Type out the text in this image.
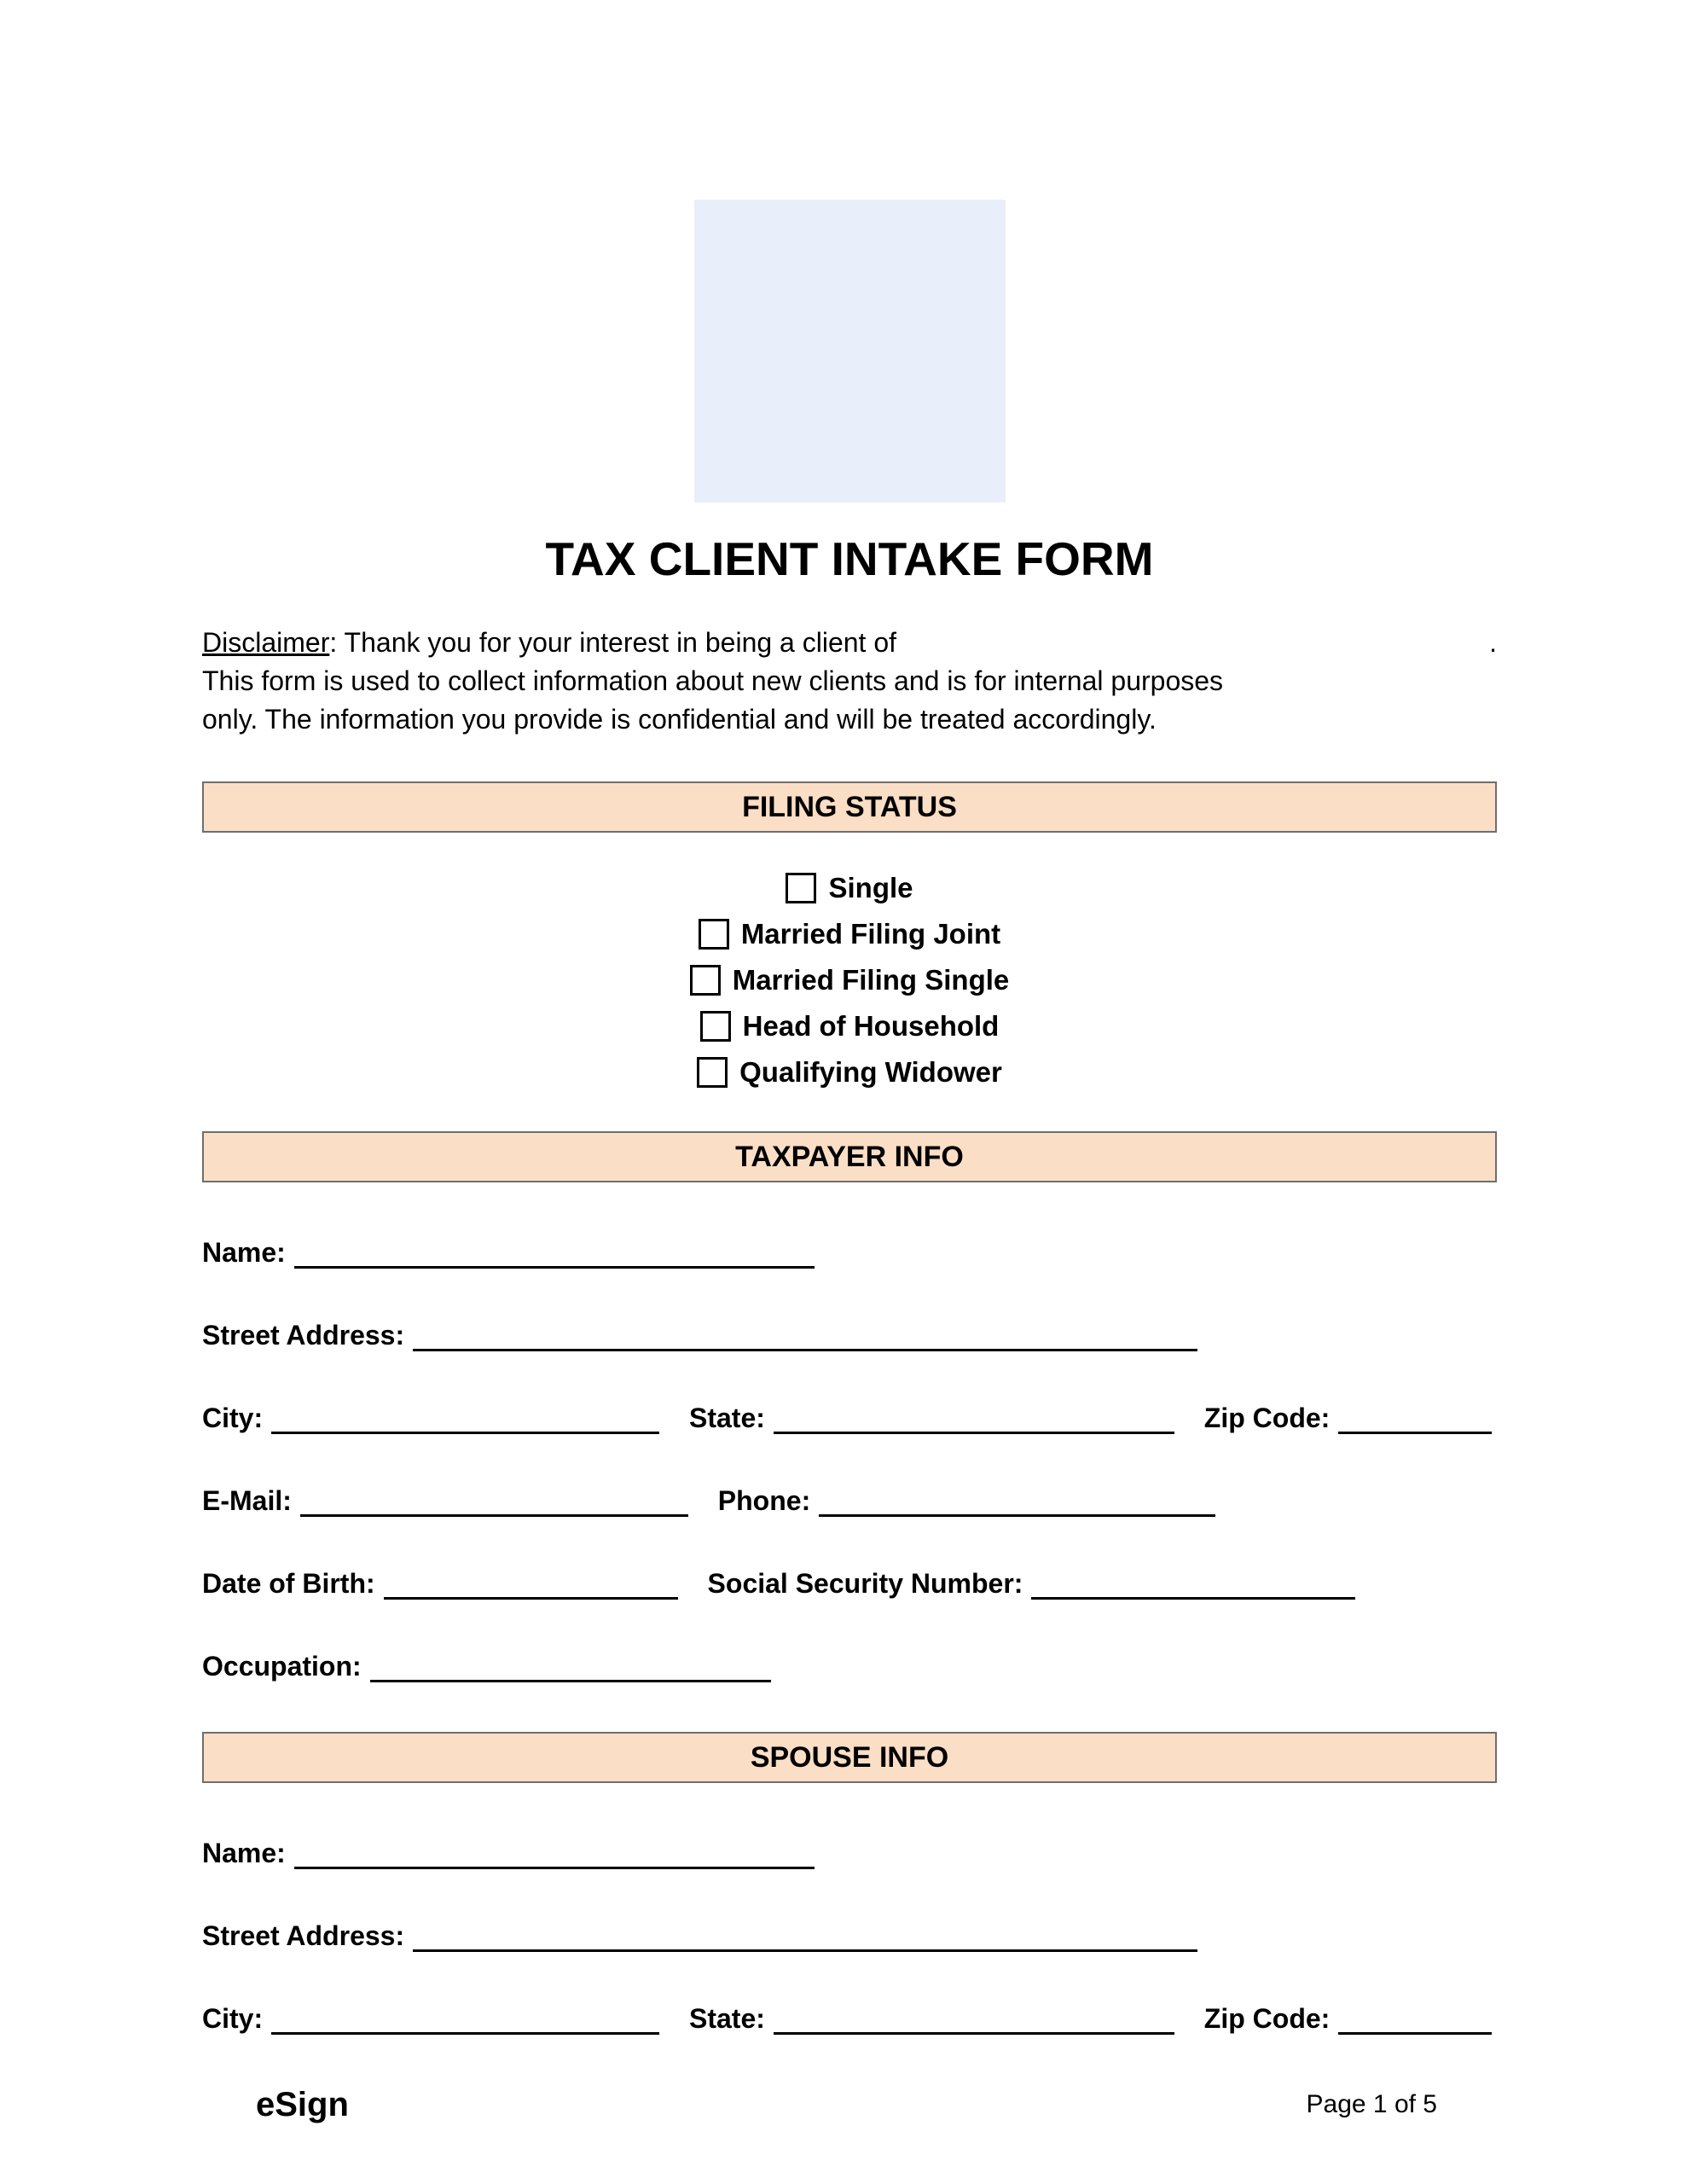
TAX CLIENT INTAKE FORM
Disclaimer : Thank you for your interest in being a client of	.
This form is used to collect information about new clients and is for internal purposes
only. The information you provide is confidential and will be treated accordingly.
FILING STATUS
Single
Married Filing Joint
Married Filing Single
Head of Household
Qualifying Widower
TAXPAYER INFO
Name:
Street Address:
City:	State:	Zip Code:
E-Mail:	Phone:
Date of Birth:	Social Security Number:
Occupation:
SPOUSE INFO
Name:
Street Address:
City:	State:	Zip Code:
eSign	Page 1 of 5
